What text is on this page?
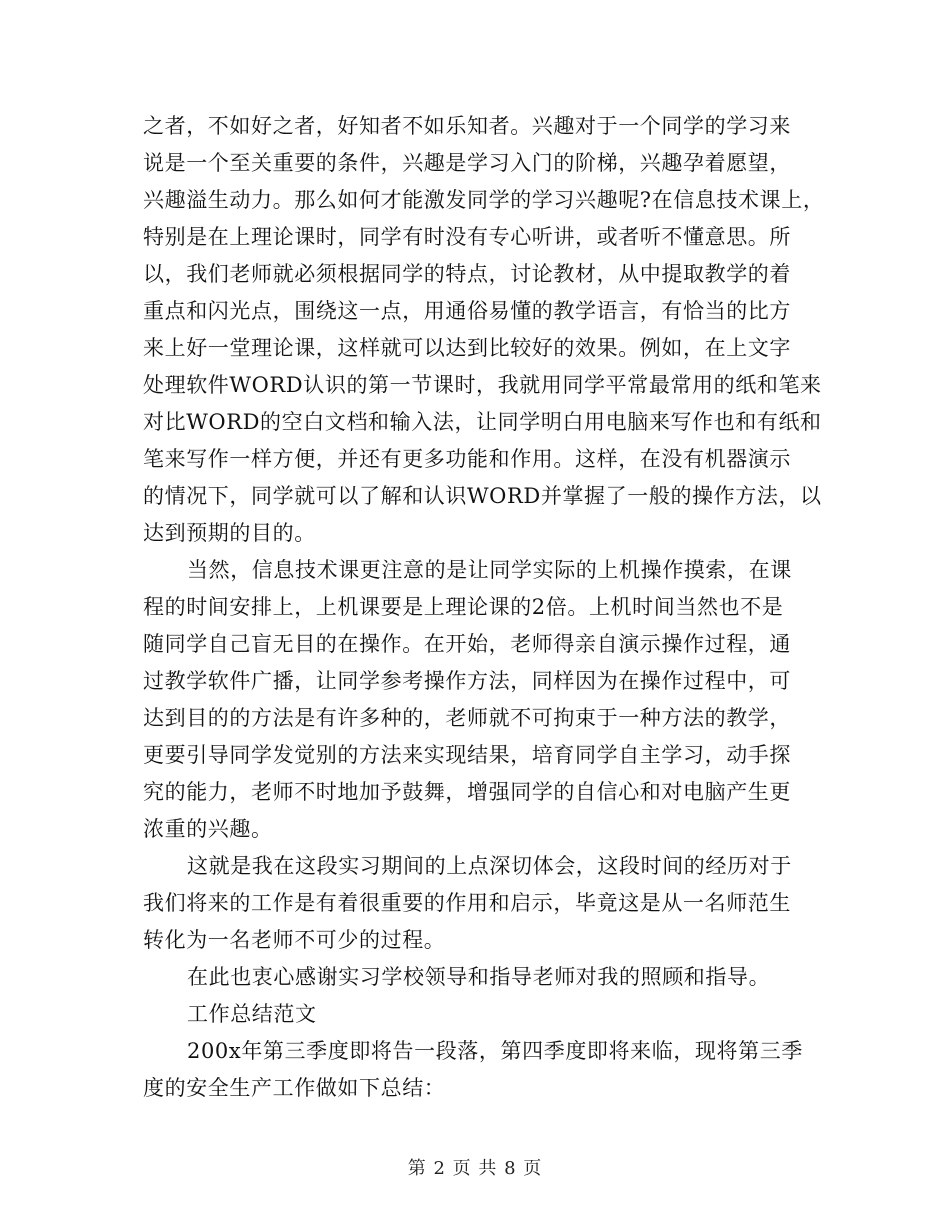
之者，不如好之者，好知者不如乐知者。兴趣对于一个同学的学习来
说是一个至关重要的条件，兴趣是学习入门的阶梯，兴趣孕着愿望，
兴趣溢生动力。那么如何才能激发同学的学习兴趣呢?在信息技术课上，
特别是在上理论课时，同学有时没有专心听讲，或者听不懂意思。所
以，我们老师就必须根据同学的特点，讨论教材，从中提取教学的着
重点和闪光点，围绕这一点，用通俗易懂的教学语言，有恰当的比方
来上好一堂理论课，这样就可以达到比较好的效果。例如，在上文字
处理软件WORD认识的第一节课时，我就用同学平常最常用的纸和笔来
对比WORD的空白文档和输入法，让同学明白用电脑来写作也和有纸和
笔来写作一样方便，并还有更多功能和作用。这样，在没有机器演示
的情况下，同学就可以了解和认识WORD并掌握了一般的操作方法，以
达到预期的目的。
当然，信息技术课更注意的是让同学实际的上机操作摸索，在课
程的时间安排上，上机课要是上理论课的2倍。上机时间当然也不是
随同学自己盲无目的在操作。在开始，老师得亲自演示操作过程，通
过教学软件广播，让同学参考操作方法，同样因为在操作过程中，可
达到目的的方法是有许多种的，老师就不可拘束于一种方法的教学，
更要引导同学发觉别的方法来实现结果，培育同学自主学习，动手探
究的能力，老师不时地加予鼓舞，增强同学的自信心和对电脑产生更
浓重的兴趣。
这就是我在这段实习期间的上点深切体会，这段时间的经历对于
我们将来的工作是有着很重要的作用和启示，毕竟这是从一名师范生
转化为一名老师不可少的过程。
在此也衷心感谢实习学校领导和指导老师对我的照顾和指导。
工作总结范文
200x年第三季度即将告一段落，第四季度即将来临，现将第三季
度的安全生产工作做如下总结：
第 2 页 共 8 页
